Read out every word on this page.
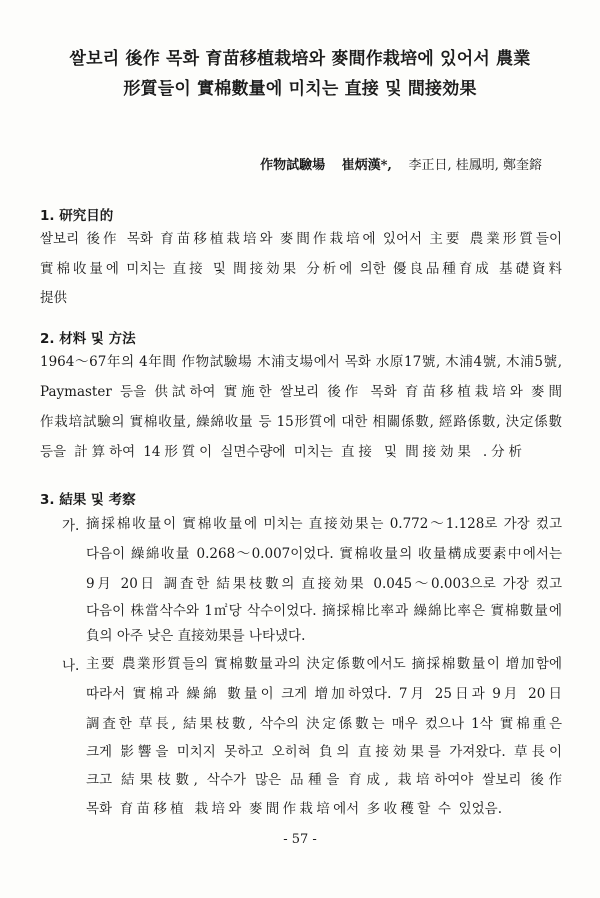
쌀보리 後作 목화 育苗移植栽培와 麥間作栽培에 있어서 農業
形質들이 實棉數量에 미치는 直接 및 間接効果
作物試驗場 崔炳漢*, 李正日, 桂鳳明, 鄭奎鎔
1. 研究目的
쌀보리 後作 목화 育苗移植栽培와 麥間作栽培에 있어서 主要 農業形質들이
實棉收量에 미치는 直接 및 間接効果 分析에 의한 優良品種育成 基礎資料
提供
2. 材料 및 方法
1964～67年의 4年間 作物試驗場 木浦支場에서 목화 水原17號, 木浦4號, 木浦5號,
Paymaster 등을 供試하여 實施한 쌀보리 後作 목화 育苗移植栽培와 麥間
作栽培試驗의 實棉收量, 繰綿收量 등 15形質에 대한 相關係數, 經路係數, 決定係數
등을 計算하여 14形質이 실면수량에 미치는 直接 및 間接効果 .分析
3. 結果 및 考察
가. 摘採棉收量이 實棉收量에 미치는 直接効果는 0.772～1.128로 가장 컸고
다음이 繰綿收量 0.268～0.007이었다. 實棉收量의 收量構成要素中에서는
9月 20日 調査한 結果枝數의 直接効果 0.045～0.003으로 가장 컸고
다음이 株當삭수와 1㎡당 삭수이었다. 摘採棉比率과 繰綿比率은 實棉數量에
負의 아주 낮은 直接効果를 나타냈다.
나. 主要 農業形質들의 實棉數量과의 決定係數에서도 摘採棉數量이 增加함에
따라서 實棉과 繰綿 數量이 크게 增加하였다. 7月 25日과 9月 20日
調査한 草長, 結果枝數, 삭수의 決定係數는 매우 컸으나 1삭 實棉重은
크게 影響을 미치지 못하고 오히혀 負의 直接効果를 가져왔다. 草長이
크고 結果枝數, 삭수가 많은 品種을 育成, 栽培하여야 쌀보리 後作
목화 育苗移植 栽培와 麥間作栽培에서 多收穫할 수 있었음.
- 57 -
